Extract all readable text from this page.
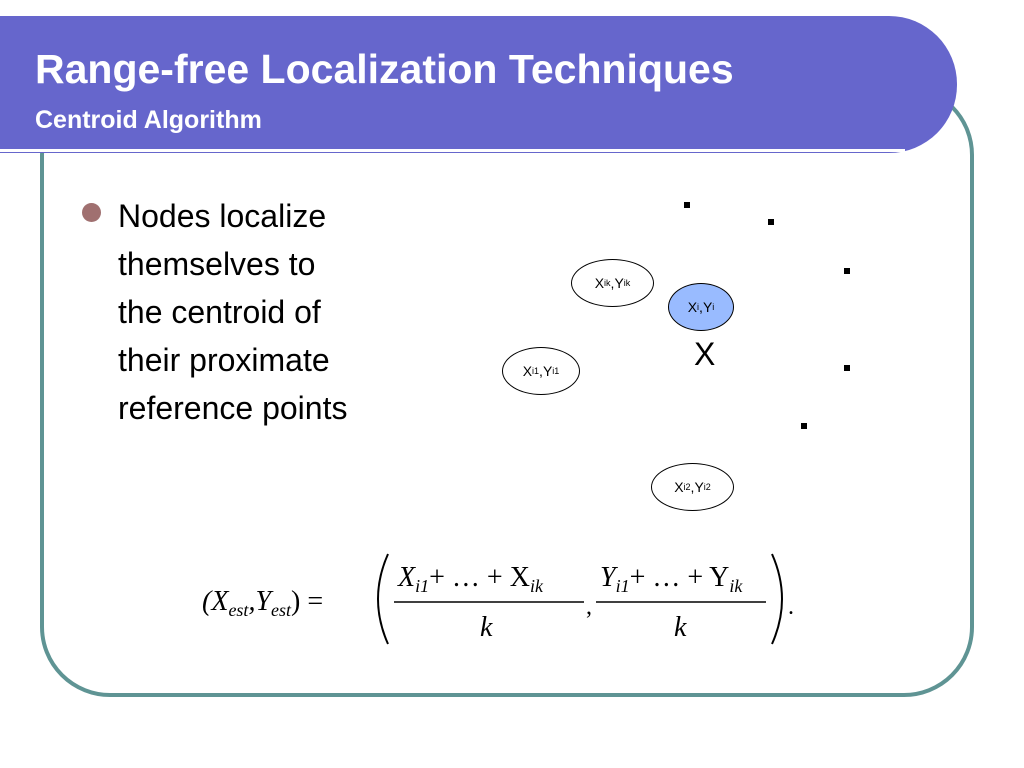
Range-free Localization Techniques
Centroid Algorithm
Nodes localize
themselves to
the centroid of
their proximate
reference points
X ik , Y ik
X i , Y i
X i1 , Y i1
X i2 , Y i2
X
$(X_{est},Y_{est})$ =
$X_{i1}+$ … + $X_{ik}$
k
,
$Y_{i1}+$ … + $Y_{ik}$
k
.
